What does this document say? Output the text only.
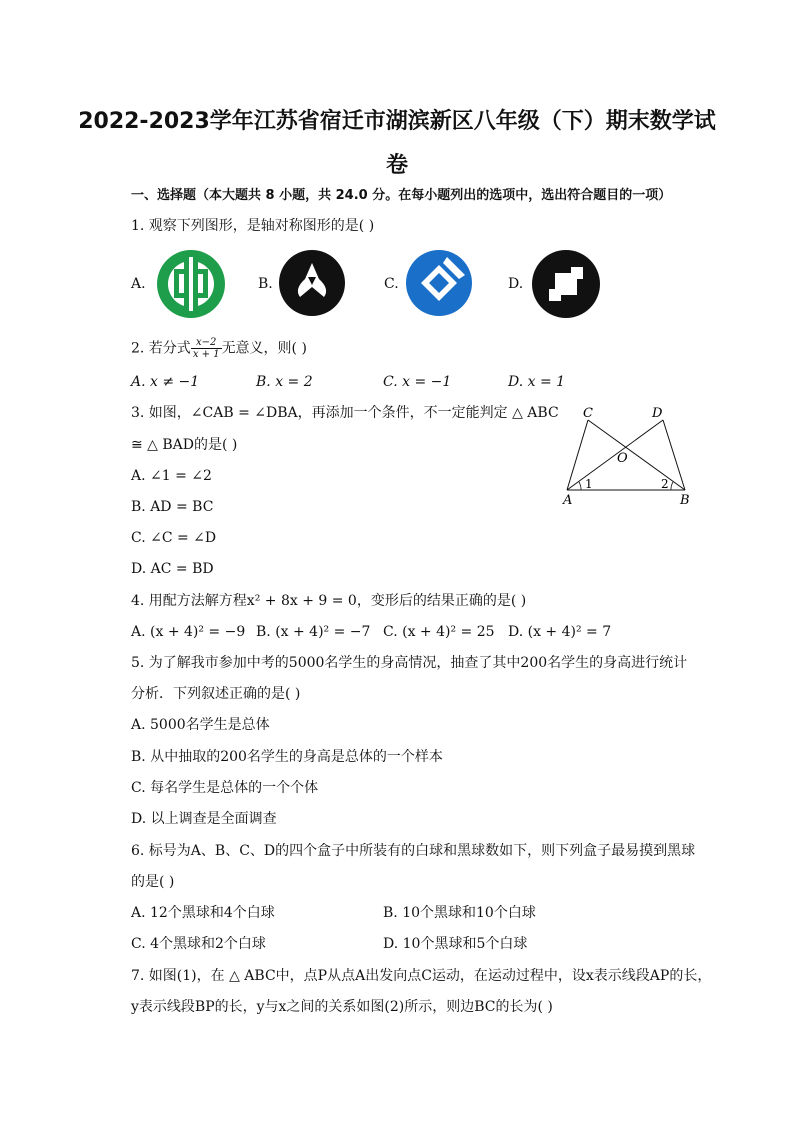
2022-2023学年江苏省宿迁市湖滨新区八年级（下）期末数学试
卷
一、选择题（本大题共 8 小题，共 24.0 分。在每小题列出的选项中，选出符合题目的一项）
1. 观察下列图形，是轴对称图形的是( )
A.	B.	C.	D.
2. 若分式 $\frac{x-2}{x + 1}$ 无意义，则( )
A. x ≠ −1	B. x = 2	C. x = −1	D. x = 1
3. 如图，∠CAB = ∠DBA，再添加一个条件，不一定能判定 △ ABC
≅ △ BAD的是( )
A. ∠1 = ∠2
B. AD = BC
C. ∠C = ∠D
D. AC = BD
C	D
O
A	B
1	2
4. 用配方法解方程x² + 8x + 9 = 0，变形后的结果正确的是( )
A. (x + 4)² = −9 B. (x + 4)² = −7 C. (x + 4)² = 25 D. (x + 4)² = 7
5. 为了解我市参加中考的5000名学生的身高情况，抽查了其中200名学生的身高进行统计
分析．下列叙述正确的是( )
A. 5000名学生是总体
B. 从中抽取的200名学生的身高是总体的一个样本
C. 每名学生是总体的一个个体
D. 以上调查是全面调查
6. 标号为A、B、C、D的四个盒子中所装有的白球和黑球数如下，则下列盒子最易摸到黑球
的是( )
A. 12个黑球和4个白球	B. 10个黑球和10个白球
C. 4个黑球和2个白球	D. 10个黑球和5个白球
7. 如图(1)，在 △ ABC中，点P从点A出发向点C运动，在运动过程中，设x表示线段AP的长，
y表示线段BP的长，y与x之间的关系如图(2)所示，则边BC的长为( )
